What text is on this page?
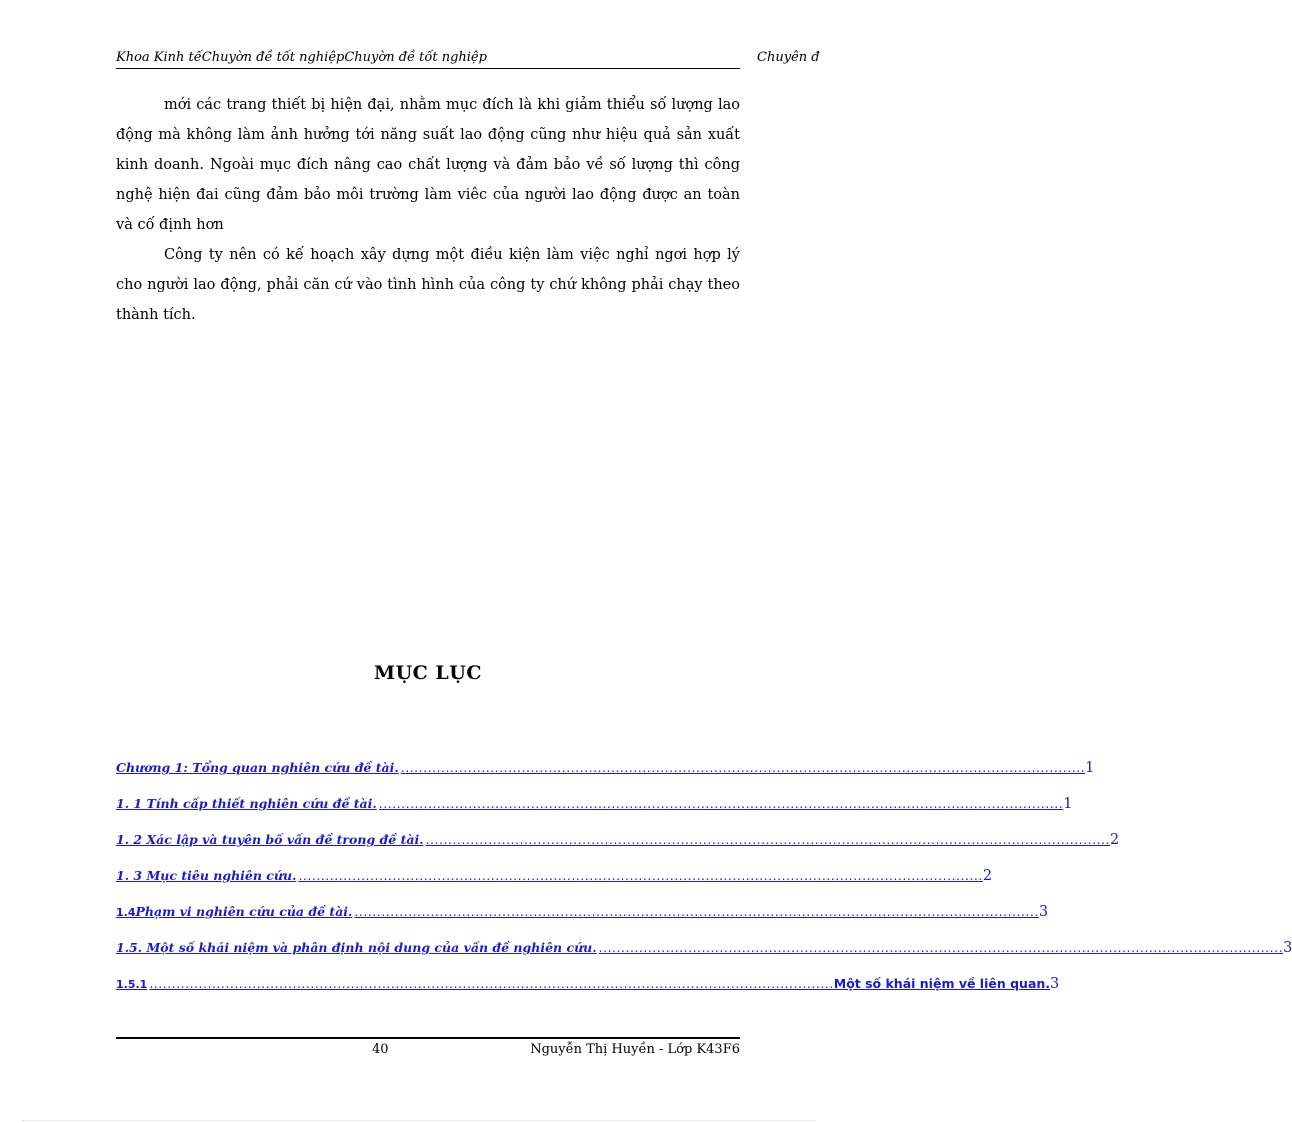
Khoa Kinh tếChuyờn đề tốt nghiệpChuyờn đề tốt nghiệp	Chuyên đ

mới các trang thiết bị hiện đại, nhằm mục đích là khi giảm thiểu số lượng lao động mà không làm ảnh hưởng tới năng suất lao động cũng như hiệu quả sản xuất kinh doanh. Ngoài mục đích nâng cao chất lượng và đảm bảo về số lượng thì công nghệ hiện đai cũng đảm bảo môi trường làm viêc của người lao động được an toàn và cố định hơn

Công ty nên có kế hoạch xây dựng một điều kiện làm việc nghỉ ngơi hợp lý cho người lao động, phải căn cứ vào tình hình của công ty chứ không phải chạy theo thành tích.

MỤC LỤC
Chương 1: Tổng quan nghiên cứu đề tài. ......................................................................................................................................................... 1
1. 1 Tính cấp thiết nghiên cứu đề tài. ......................................................................................................................................................... 1
1. 2 Xác lập và tuyên bố vấn đề trong đề tài. ......................................................................................................................................................... 2
1. 3 Mục tiêu nghiên cứu. ......................................................................................................................................................... 2
1.4 Phạm vi nghiên cứu của đề tài. ......................................................................................................................................................... 3
1.5. Một số khái niệm và phân định nội dung của vấn đề nghiên cứu. ......................................................................................................................................................... 3
1.5.1 ......................................................................................................................................................... Một số khái niệm về liên quan. 3
40	Nguyễn Thị Huyền - Lớp K43F6
